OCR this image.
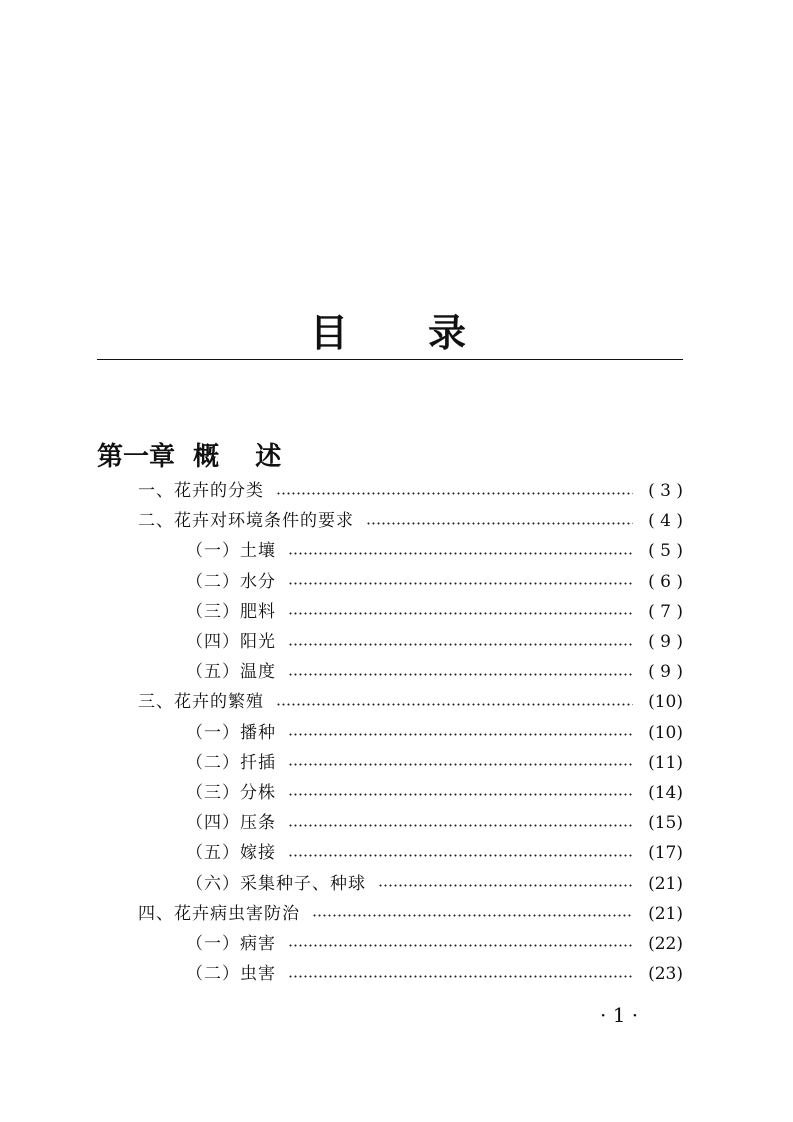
目 录
第一章  概    述
一、花卉的分类	( 3 )
二、花卉对环境条件的要求	( 4 )
（一）土壤	( 5 )
（二）水分	( 6 )
（三）肥料	( 7 )
（四）阳光	( 9 )
（五）温度	( 9 )
三、花卉的繁殖	(10)
（一）播种	(10)
（二）扦插	(11)
（三）分株	(14)
（四）压条	(15)
（五）嫁接	(17)
（六）采集种子、种球	(21)
四、花卉病虫害防治	(21)
（一）病害	(22)
（二）虫害	(23)
· 1 ·
